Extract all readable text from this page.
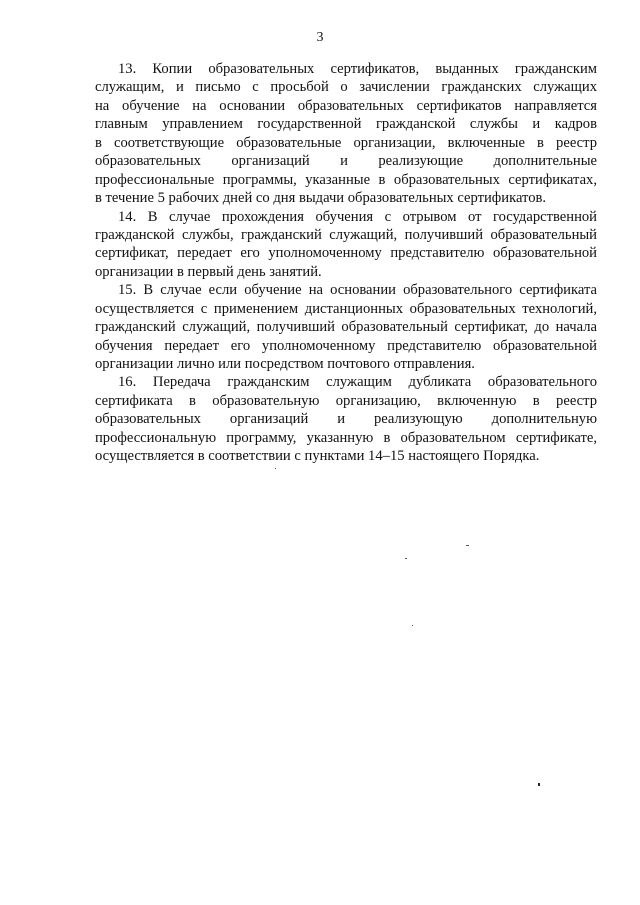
3
13. Копии образовательных сертификатов, выданных гражданским
служащим, и письмо с просьбой о зачислении гражданских служащих
на обучение на основании образовательных сертификатов направляется
главным управлением государственной гражданской службы и кадров
в соответствующие образовательные организации, включенные в реестр
образовательных организаций и реализующие дополнительные
профессиональные программы, указанные в образовательных сертификатах,
в течение 5 рабочих дней со дня выдачи образовательных сертификатов.
14. В случае прохождения обучения с отрывом от государственной
гражданской службы, гражданский служащий, получивший образовательный
сертификат, передает его уполномоченному представителю образовательной
организации в первый день занятий.
15. В случае если обучение на основании образовательного сертификата
осуществляется с применением дистанционных образовательных технологий,
гражданский служащий, получивший образовательный сертификат, до начала
обучения передает его уполномоченному представителю образовательной
организации лично или посредством почтового отправления.
16. Передача гражданским служащим дубликата образовательного
сертификата в образовательную организацию, включенную в реестр
образовательных организаций и реализующую дополнительную
профессиональную программу, указанную в образовательном сертификате,
осуществляется в соответствии с пунктами 14–15 настоящего Порядка.
